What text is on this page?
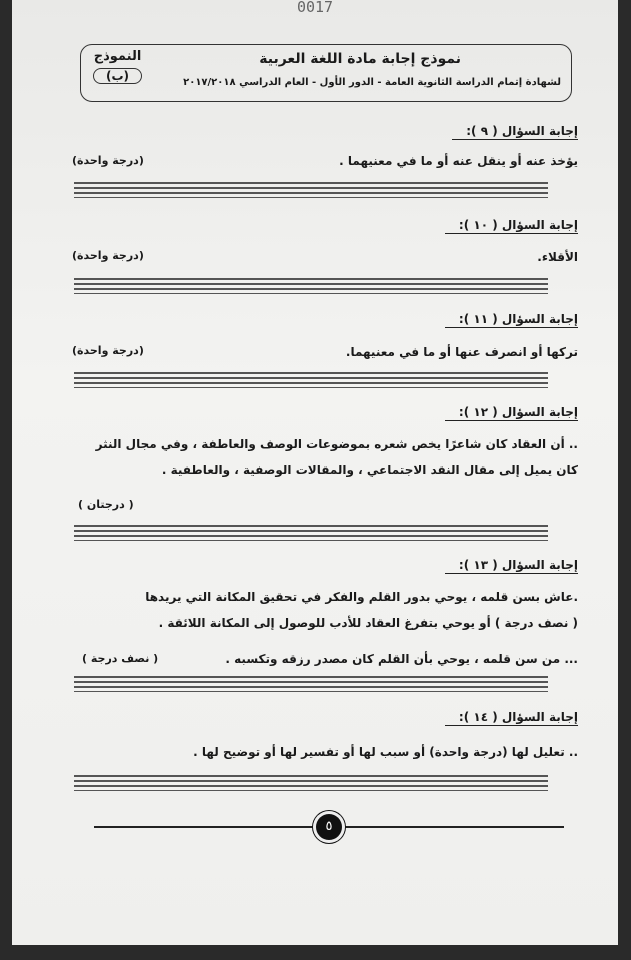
0017
نموذج إجابة مادة اللغة العربية
لشهادة إتمام الدراسة الثانوية العامة - الدور الأول - العام الدراسي ٢٠١٧/٢٠١٨
النموذج
(ب)
إجابة السؤال ( ٩ ):
يؤخذ عنه أو ينقل عنه أو ما في معنيهما .
(درجة واحدة)
إجابة السؤال ( ١٠ ):
الأقلاء.
(درجة واحدة)
إجابة السؤال ( ١١ ):
تركها أو انصرف عنها أو ما في معنيهما.
(درجة واحدة)
إجابة السؤال ( ١٢ ):
.. أن العقاد كان شاعرًا يخص شعره بموضوعات الوصف والعاطفة ، وفي مجال النثر
كان يميل إلى مقال النقد الاجتماعي ، والمقالات الوصفية ، والعاطفية .
( درجتان )
إجابة السؤال ( ١٣ ):
.عاش بسن قلمه ، يوحي بدور القلم والفكر في تحقيق المكانة التي يريدها
( نصف درجة ) أو يوحي بتفرغ العقاد للأدب للوصول إلى المكانة اللائقة .
... من سن قلمه ، يوحي بأن القلم كان مصدر رزقه وتكسبه .
( نصف درجة )
إجابة السؤال ( ١٤ ):
.. تعليل لها (درجة واحدة) أو سبب لها أو تفسير لها أو توضيح لها .
٥
